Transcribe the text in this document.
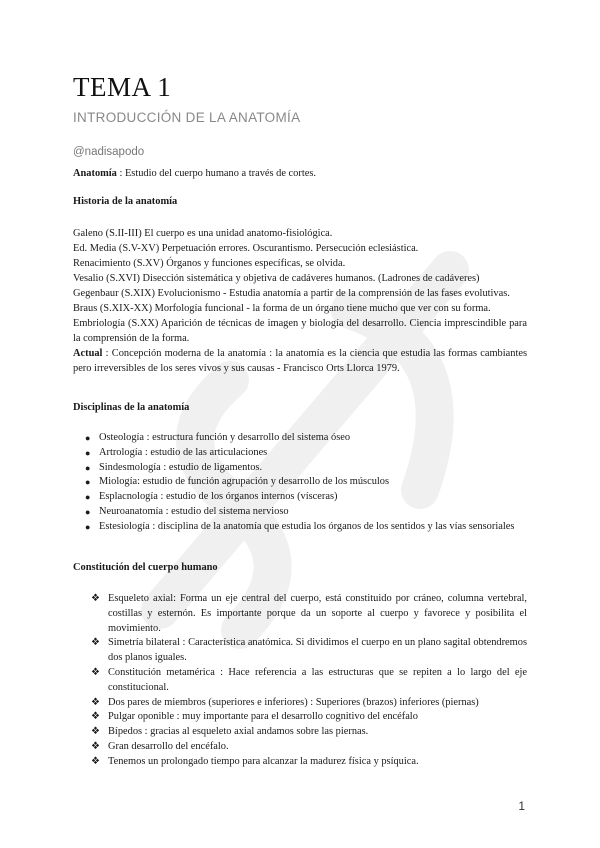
TEMA 1
INTRODUCCIÓN DE LA ANATOMÍA
@nadisapodo

Anatomía : Estudio del cuerpo humano a través de cortes.

Historia de la anatomía

Galeno (S.II-III) El cuerpo es una unidad anatomo-fisiológica.

Ed. Media (S.V-XV) Perpetuación errores. Oscurantismo. Persecución eclesiástica.

Renacimiento (S.XV) Órganos y funciones específicas, se olvida.

Vesalio (S.XVI) Disección sistemática y objetiva de cadáveres humanos. (Ladrones de cadáveres)

Gegenbaur (S.XIX) Evolucionismo - Estudia anatomía a partir de la comprensión de las fases evolutivas.

Braus (S.XIX-XX) Morfología funcional - la forma de un órgano tiene mucho que ver con su forma.

Embriología (S.XX) Aparición de técnicas de imagen y biología del desarrollo. Ciencia imprescindible para la comprensión de la forma.

Actual : Concepción moderna de la anatomía : la anatomía es la ciencia que estudia las formas cambiantes pero irreversibles de los seres vivos y sus causas - Francisco Orts Llorca 1979.

Disciplinas de la anatomía
● Osteología : estructura función y desarrollo del sistema óseo
● Artrología : estudio de las articulaciones
● Sindesmología : estudio de ligamentos.
● Miología: estudio de función agrupación y desarrollo de los músculos
● Esplacnología : estudio de los órganos internos (vísceras)
● Neuroanatomía : estudio del sistema nervioso
● Estesiología : disciplina de la anatomía que estudia los órganos de los sentidos y las vías sensoriales
Constitución del cuerpo humano
❖ Esqueleto axial: Forma un eje central del cuerpo, está constituido por cráneo, columna vertebral, costillas y esternón. Es importante porque da un soporte al cuerpo y favorece y posibilita el movimiento.
❖ Simetría bilateral : Característica anatómica. Si dividimos el cuerpo en un plano sagital obtendremos dos planos iguales.
❖ Constitución metamérica : Hace referencia a las estructuras que se repiten a lo largo del eje constitucional.
❖ Dos pares de miembros (superiores e inferiores) : Superiores (brazos) inferiores (piernas)
❖ Pulgar oponible : muy importante para el desarrollo cognitivo del encéfalo
❖ Bípedos : gracias al esqueleto axial andamos sobre las piernas.
❖ Gran desarrollo del encéfalo.
❖ Tenemos un prolongado tiempo para alcanzar la madurez física y psíquica.
1
